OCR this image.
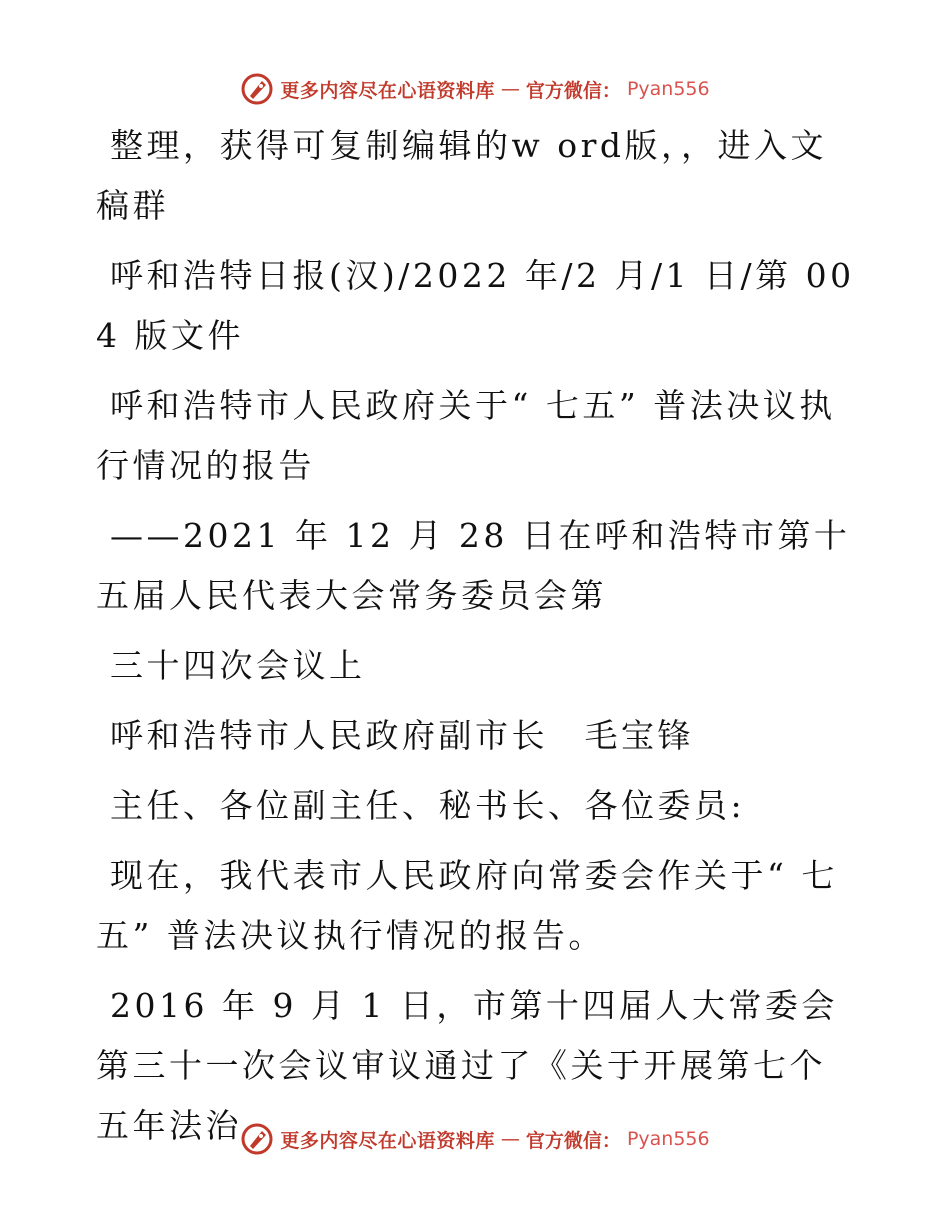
更多内容尽在心语资料库 — 官方微信： Pyan556

整理，获得可复制编辑的w ord版，，进入文稿群

呼和浩特日报(汉)/2022 年/2 月/1 日/第 004 版文件

呼和浩特市人民政府关于“ 七五” 普法决议执行情况的报告

——2021 年 12 月 28 日在呼和浩特市第十五届人民代表大会常务委员会第

三十四次会议上

呼和浩特市人民政府副市长　毛宝锋

主任、各位副主任、秘书长、各位委员:

现在，我代表市人民政府向常委会作关于“ 七五” 普法决议执行情况的报告。

2016 年 9 月 1 日，市第十四届人大常委会第三十一次会议审议通过了《关于开展第七个五年法治	更多内容尽在心语资料库 — 官方微信： Pyan556
